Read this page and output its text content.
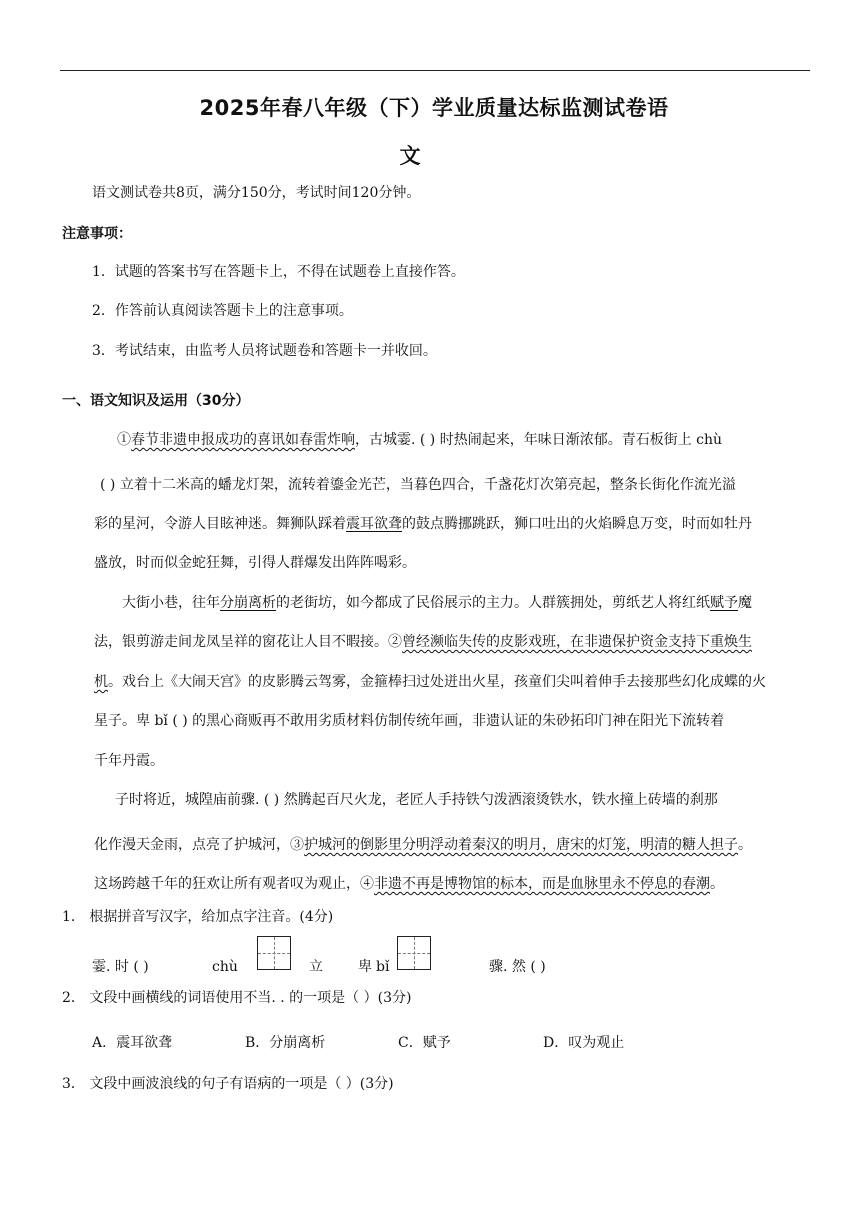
2025年春八年级（下）学业质量达标监测试卷语
文
语文测试卷共8页，满分150分，考试时间120分钟。
注意事项：
1．试题的答案书写在答题卡上，不得在试题卷上直接作答。
2．作答前认真阅读答题卡上的注意事项。
3．考试结束，由监考人员将试题卷和答题卡一并收回。
一、语文知识及运用（30分）
①春节非遗申报成功的喜讯如春雷炸响，古城霎. ( ) 时热闹起来，年味日渐浓郁。青石板街上 chù
( ) 立着十二米高的蟠龙灯架，流转着鎏金光芒，当暮色四合，千盏花灯次第亮起，整条长街化作流光溢
彩的星河，令游人目眩神迷。舞狮队踩着震耳欲聋的鼓点腾挪跳跃，狮口吐出的火焰瞬息万变，时而如牡丹
盛放，时而似金蛇狂舞，引得人群爆发出阵阵喝彩。
大街小巷，往年分崩离析的老街坊，如今都成了民俗展示的主力。人群簇拥处，剪纸艺人将红纸赋予魔
法，银剪游走间龙凤呈祥的窗花让人目不暇接。②曾经濒临失传的皮影戏班，在非遗保护资金支持下重焕生
机。戏台上《大闹天宫》的皮影腾云驾雾，金箍棒扫过处迸出火星，孩童们尖叫着伸手去接那些幻化成蝶的火
星子。卑 bǐ ( ) 的黑心商贩再不敢用劣质材料仿制传统年画，非遗认证的朱砂拓印门神在阳光下流转着
千年丹霞。
子时将近，城隍庙前骤. ( ) 然腾起百尺火龙，老匠人手持铁勺泼洒滚烫铁水，铁水撞上砖墙的刹那
化作漫天金雨，点亮了护城河，③护城河的倒影里分明浮动着秦汉的明月，唐宋的灯笼，明清的糖人担子。
这场跨越千年的狂欢让所有观者叹为观止，④非遗不再是博物馆的标本，而是血脉里永不停息的春潮。
1． 根据拼音写汉字，给加点字注音。(4分)
霎. 时 ( )	chù	立	卑 bǐ	骤. 然 ( )
2． 文段中画横线的词语使用不当. . 的一项是（ ）(3分)
A．震耳欲聋	B．分崩离析	C．赋予	D．叹为观止
3． 文段中画波浪线的句子有语病的一项是（ ）(3分)
